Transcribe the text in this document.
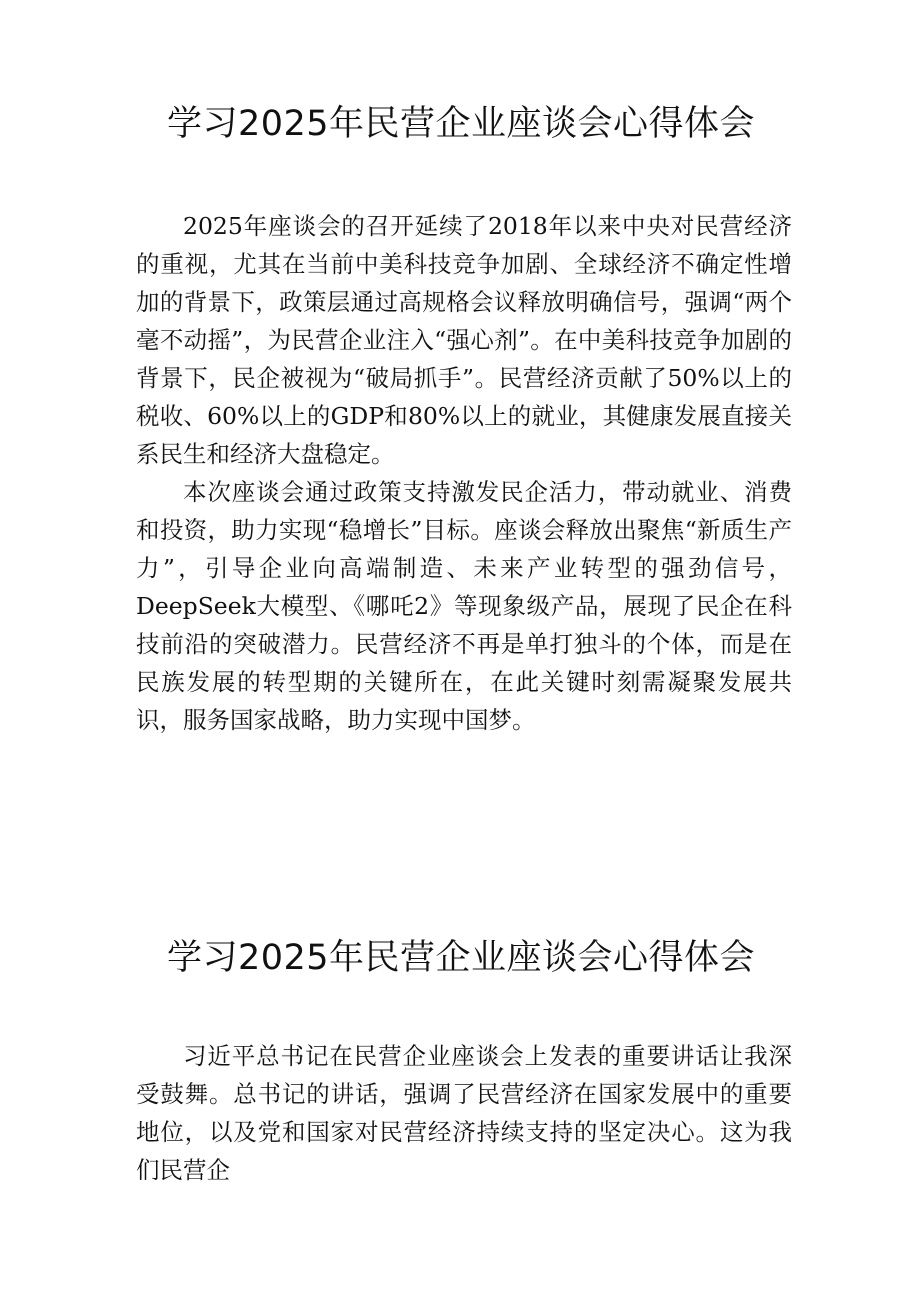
学习2025年民营企业座谈会心得体会

2025年座谈会的召开延续了2018年以来中央对民营经济的重视，尤其在当前中美科技竞争加剧、全球经济不确定性增加的背景下，政策层通过高规格会议释放明确信号，强调“两个毫不动摇”，为民营企业注入“强心剂”。在中美科技竞争加剧的背景下，民企被视为“破局抓手”。民营经济贡献了50%以上的税收、60%以上的GDP和80%以上的就业，其健康发展直接关系民生和经济大盘稳定。

本次座谈会通过政策支持激发民企活力，带动就业、消费和投资，助力实现“稳增长”目标。座谈会释放出聚焦“新质生产力”，引导企业向高端制造、未来产业转型的强劲信号，DeepSeek大模型、《哪吒2》等现象级产品，展现了民企在科技前沿的突破潜力。民营经济不再是单打独斗的个体，而是在民族发展的转型期的关键所在，在此关键时刻需凝聚发展共识，服务国家战略，助力实现中国梦。

学习2025年民营企业座谈会心得体会

习近平总书记在民营企业座谈会上发表的重要讲话让我深受鼓舞。总书记的讲话，强调了民营经济在国家发展中的重要地位，以及党和国家对民营经济持续支持的坚定决心。这为我们民营企
